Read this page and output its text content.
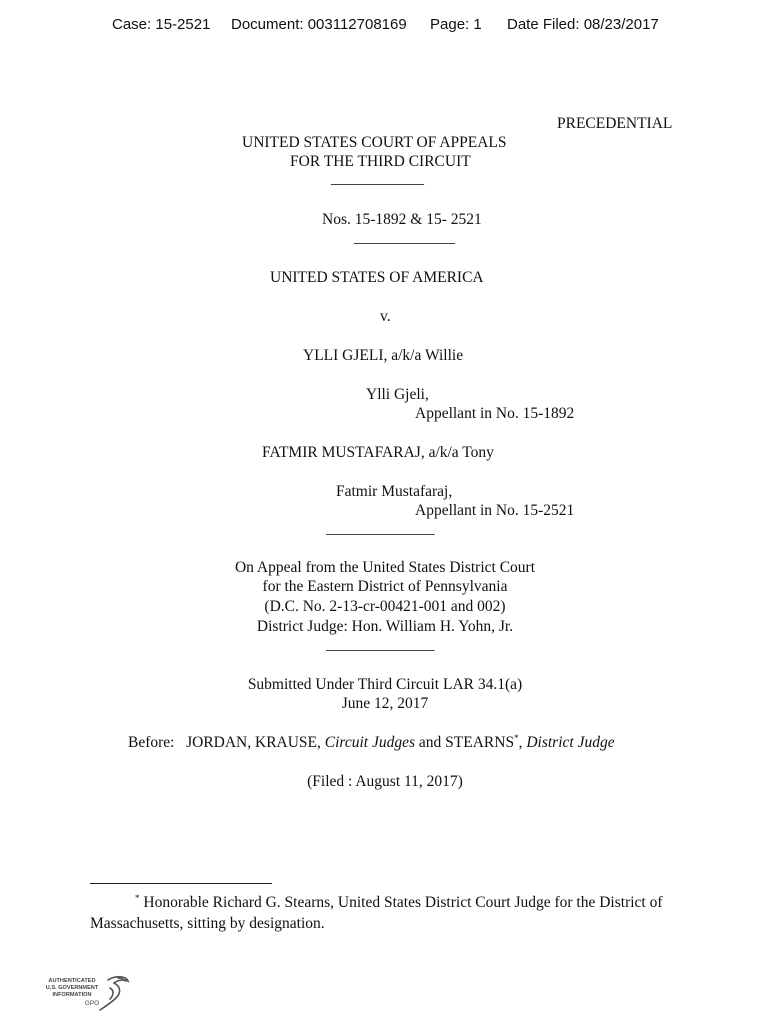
Case: 15-2521 Document: 003112708169 Page: 1 Date Filed: 08/23/2017
PRECEDENTIAL
UNITED STATES COURT OF APPEALS
FOR THE THIRD CIRCUIT
____________
Nos. 15-1892 & 15- 2521
_____________
UNITED STATES OF AMERICA
v.
YLLI GJELI, a/k/a Willie
Ylli Gjeli,
Appellant in No. 15-1892
FATMIR MUSTAFARAJ, a/k/a Tony
Fatmir Mustafaraj,
Appellant in No. 15-2521
______________
On Appeal from the United States District Court
for the Eastern District of Pennsylvania
(D.C. No. 2-13-cr-00421-001 and 002)
District Judge: Hon. William H. Yohn, Jr.
______________
Submitted Under Third Circuit LAR 34.1(a)
June 12, 2017
Before: JORDAN, KRAUSE, Circuit Judges and STEARNS*, District Judge
(Filed : August 11, 2017)
* Honorable Richard G. Stearns, United States District Court Judge for the District of Massachusetts, sitting by designation.
AUTHENTICATED
U.S. GOVERNMENT
INFORMATION
GPO
